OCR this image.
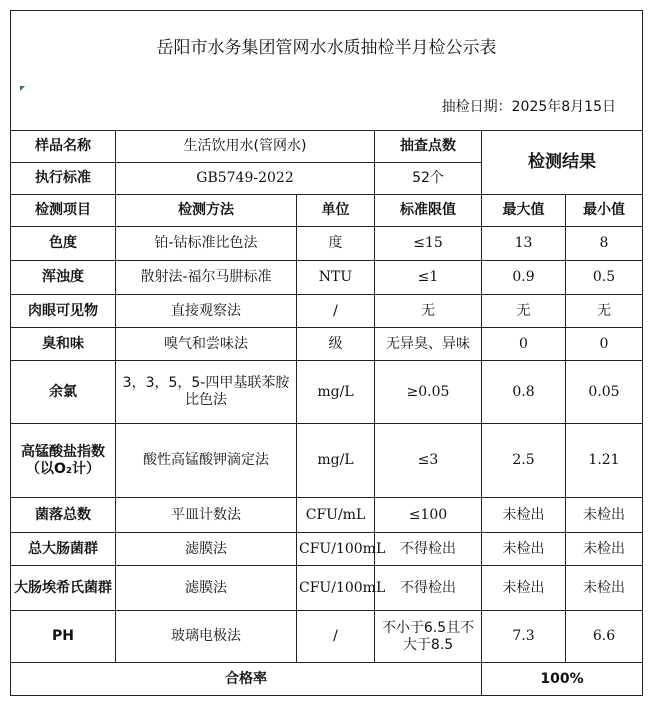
岳阳市水务集团管网水水质抽检半月检公示表					
抽检日期：2025年8月15日					
样品名称	生活饮用水(管网水)		抽查点数	检测结果	
执行标准	GB5749-2022		52个		
检测项目	检测方法	单位	标准限值	最大值	最小值
色度	铂-钴标准比色法	度	≤15	13	8
浑浊度	散射法-福尔马肼标准	NTU	≤1	0.9	0.5
肉眼可见物	直接观察法	/	无	无	无
臭和味	嗅气和尝味法	级	无异臭、异味	0	0
余氯	3，3，5，5-四甲基联苯胺比色法	mg/L	≥0.05	0.8	0.05
高锰酸盐指数（以O₂计）	酸性高锰酸钾滴定法	mg/L	≤3	2.5	1.21
菌落总数	平皿计数法	CFU/mL	≤100	未检出	未检出
总大肠菌群	滤膜法	CFU/100mL	不得检出	未检出	未检出
大肠埃希氏菌群	滤膜法	CFU/100mL	不得检出	未检出	未检出
PH	玻璃电极法	/	不小于6.5且不大于8.5	7.3	6.6
合格率				100%	
